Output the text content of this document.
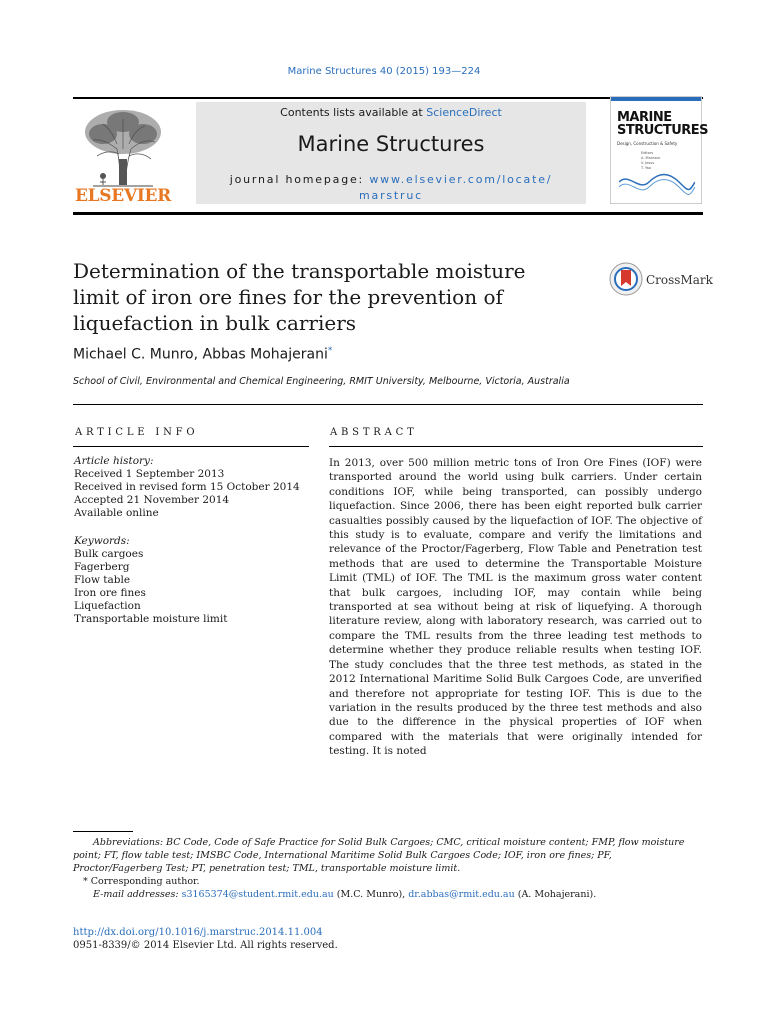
Marine Structures 40 (2015) 193—224
ELSEVIER
Contents lists available at ScienceDirect
Marine Structures
journal homepage: www.elsevier.com/locate/
marstruc
MARINE
STRUCTURES
Design, Construction & Safety
Editors
A. Mansour
V. Jesus
T. Yao
Determination of the transportable moisture
limit of iron ore fines for the prevention of
liquefaction in bulk carriers
CrossMark
Michael C. Munro, Abbas Mohajerani*
School of Civil, Environmental and Chemical Engineering, RMIT University, Melbourne, Victoria, Australia
ARTICLE INFO	ABSTRACT
Article history:
Received 1 September 2013
Received in revised form 15 October 2014
Accepted 21 November 2014
Available online
Keywords:
Bulk cargoes
Fagerberg
Flow table
Iron ore fines
Liquefaction
Transportable moisture limit
In 2013, over 500 million metric tons of Iron Ore Fines (IOF) were transported around the world using bulk carriers. Under certain conditions IOF, while being transported, can possibly undergo liquefaction. Since 2006, there has been eight reported bulk carrier casualties possibly caused by the liquefaction of IOF. The objective of this study is to evaluate, compare and verify the limitations and relevance of the Proctor/Fagerberg, Flow Table and Penetration test methods that are used to determine the Transportable Moisture Limit (TML) of IOF. The TML is the maximum gross water content that bulk cargoes, including IOF, may contain while being transported at sea without being at risk of liquefying. A thorough literature review, along with laboratory research, was carried out to compare the TML results from the three leading test methods to determine whether they produce reliable results when testing IOF. The study concludes that the three test methods, as stated in the 2012 International Maritime Solid Bulk Cargoes Code, are unverified and therefore not appropriate for testing IOF. This is due to the variation in the results produced by the three test methods and also due to the difference in the physical properties of IOF when compared with the materials that were originally intended for testing. It is noted
Abbreviations: BC Code, Code of Safe Practice for Solid Bulk Cargoes; CMC, critical moisture content; FMP, flow moisture point; FT, flow table test; IMSBC Code, International Maritime Solid Bulk Cargoes Code; IOF, iron ore fines; PF, Proctor/Fagerberg Test; PT, penetration test; TML, transportable moisture limit.
* Corresponding author.
E-mail addresses: s3165374@student.rmit.edu.au (M.C. Munro), dr.abbas@rmit.edu.au (A. Mohajerani).
http://dx.doi.org/10.1016/j.marstruc.2014.11.004
0951-8339/© 2014 Elsevier Ltd. All rights reserved.
